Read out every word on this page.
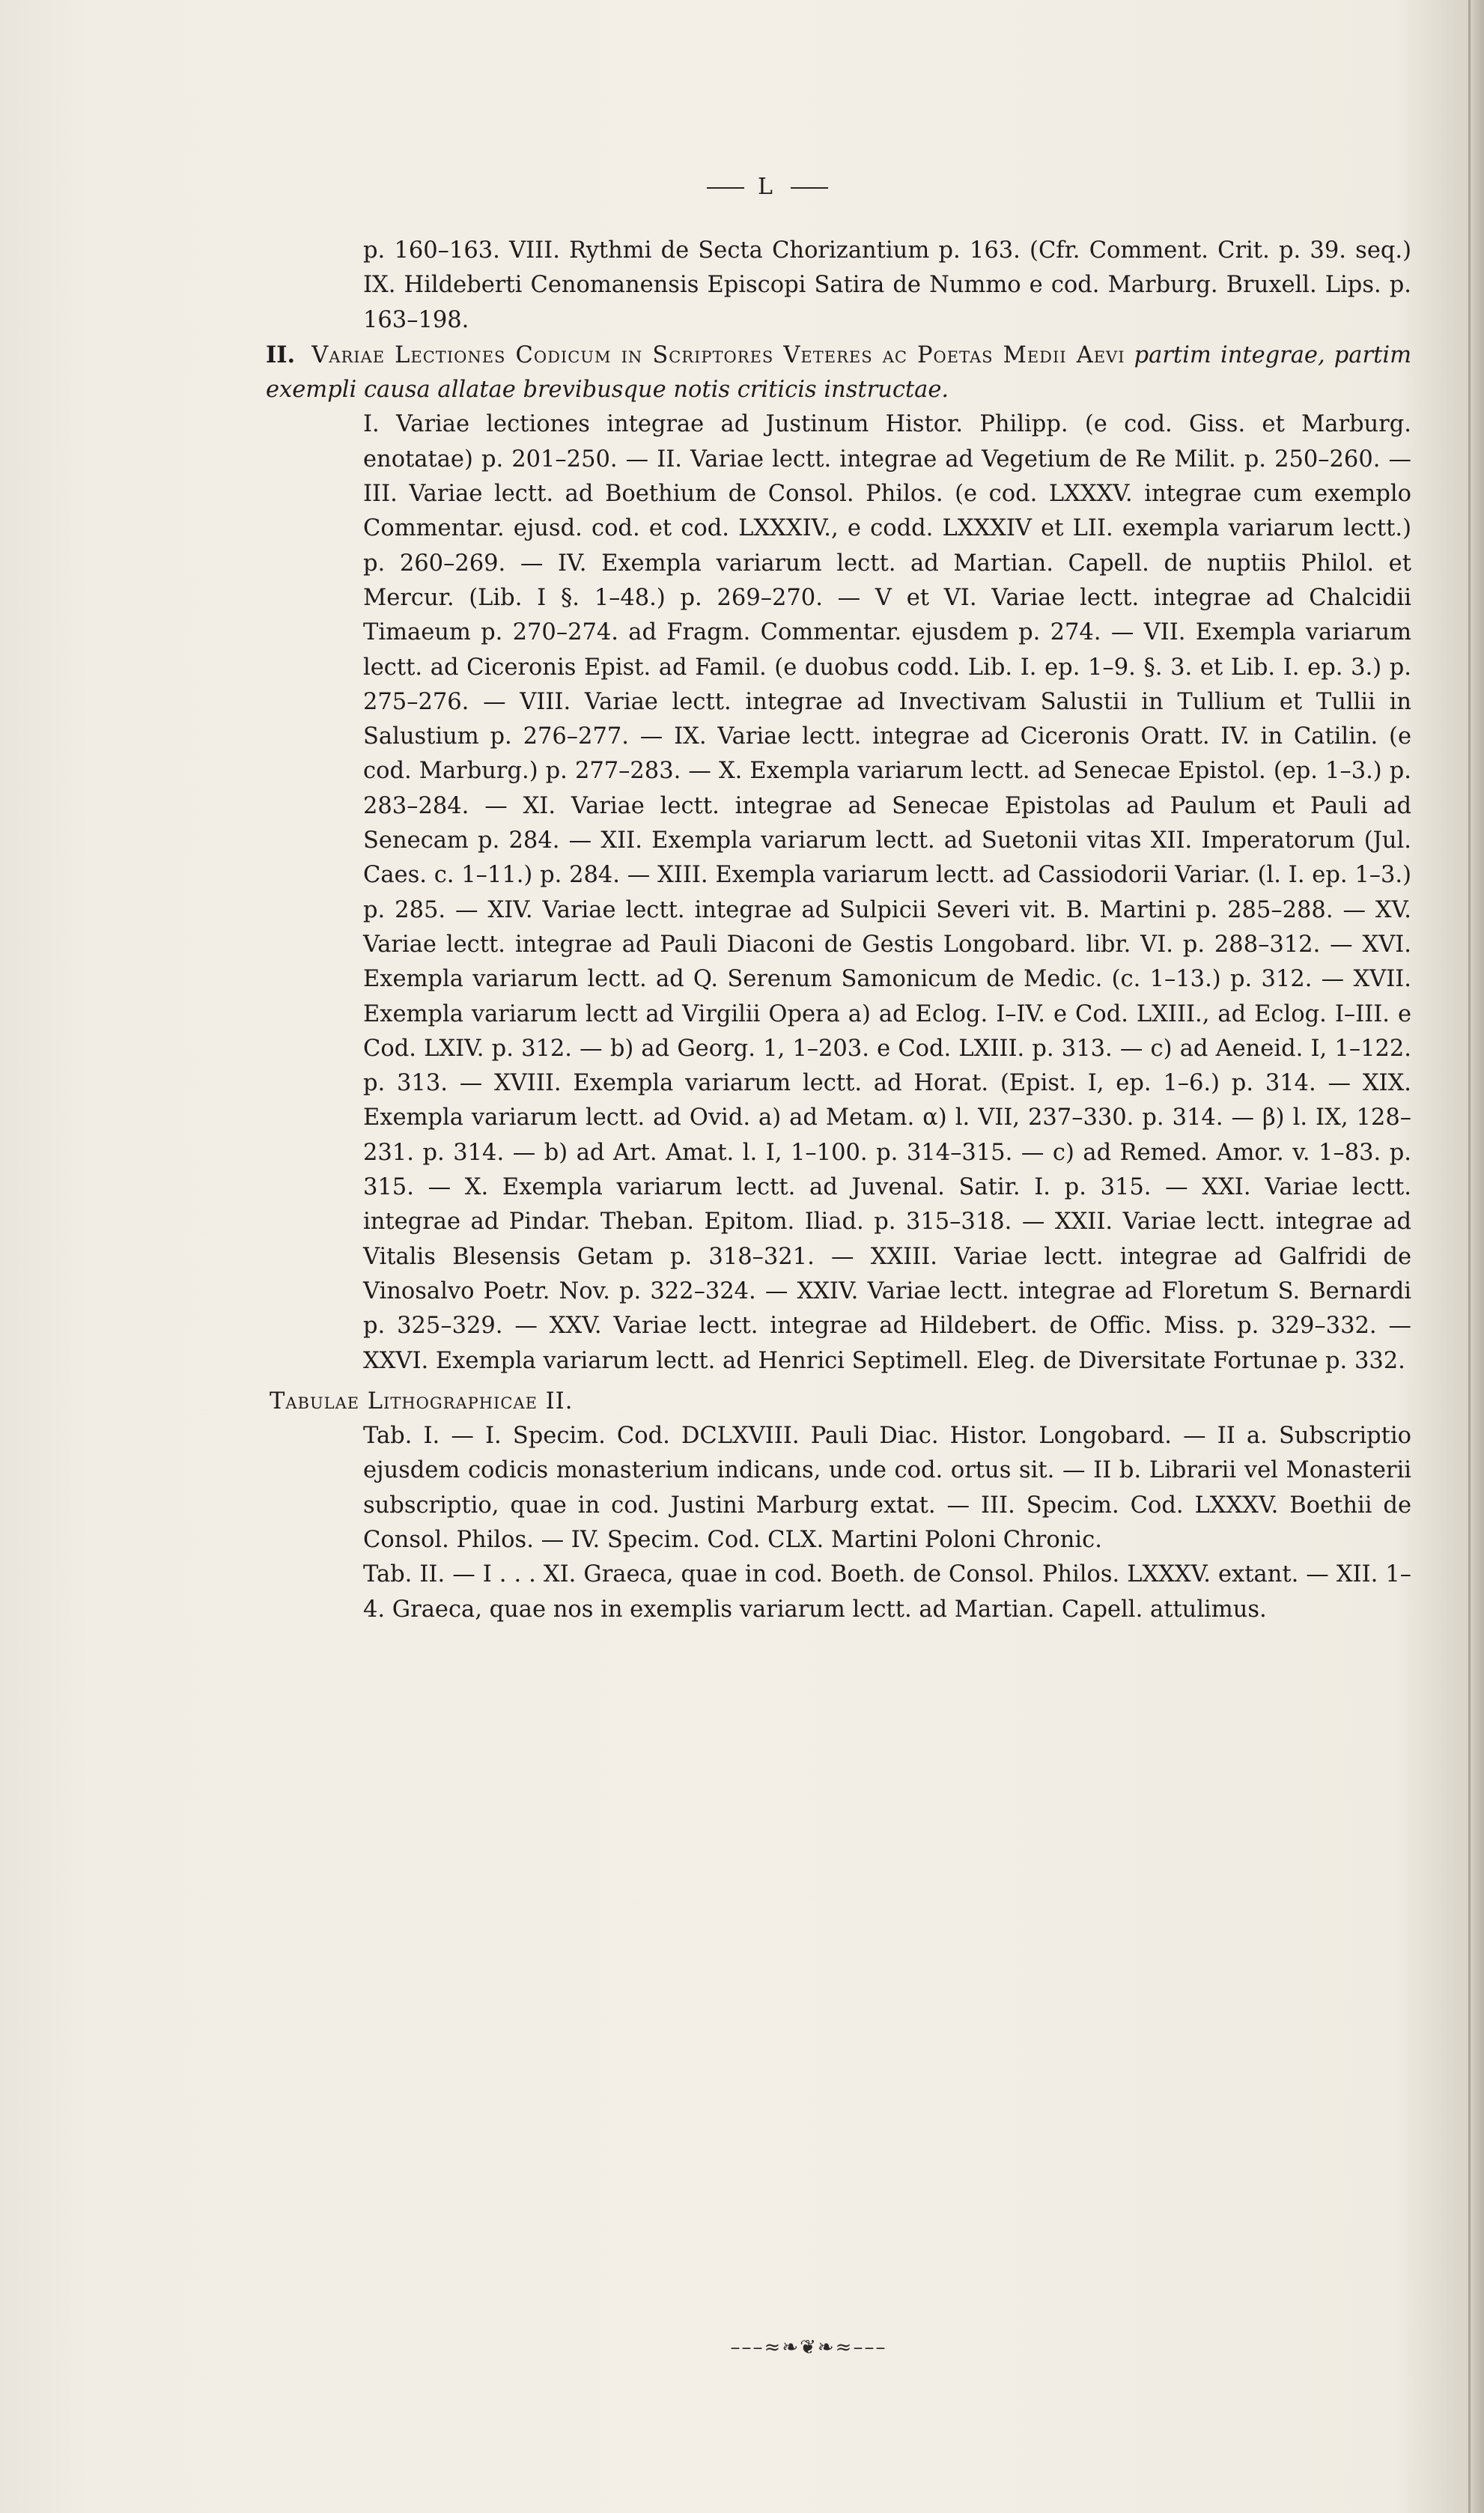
L

p. 160–163. VIII. Rythmi de Secta Chorizantium p. 163. (Cfr. Comment. Crit. p. 39. seq.) IX. Hildeberti Cenomanensis Episcopi Satira de Nummo e cod. Marburg. Bruxell. Lips. p. 163–198.

II. Variae Lectiones Codicum in Scriptores Veteres ac Poetas Medii Aevi partim integrae, partim exempli causa allatae brevibusque notis criticis instructae.

I. Variae lectiones integrae ad Justinum Histor. Philipp. (e cod. Giss. et Marburg. enotatae) p. 201–250. — II. Variae lectt. integrae ad Vegetium de Re Milit. p. 250–260. — III. Variae lectt. ad Boethium de Consol. Philos. (e cod. LXXXV. integrae cum exemplo Commentar. ejusd. cod. et cod. LXXXIV., e codd. LXXXIV et LII. exempla variarum lectt.) p. 260–269. — IV. Exempla variarum lectt. ad Martian. Capell. de nuptiis Philol. et Mercur. (Lib. I §. 1–48.) p. 269–270. — V et VI. Variae lectt. integrae ad Chalcidii Timaeum p. 270–274. ad Fragm. Commentar. ejusdem p. 274. — VII. Exempla variarum lectt. ad Ciceronis Epist. ad Famil. (e duobus codd. Lib. I. ep. 1–9. §. 3. et Lib. I. ep. 3.) p. 275–276. — VIII. Variae lectt. integrae ad Invectivam Salustii in Tullium et Tullii in Salustium p. 276–277. — IX. Variae lectt. integrae ad Ciceronis Oratt. IV. in Catilin. (e cod. Marburg.) p. 277–283. — X. Exempla variarum lectt. ad Senecae Epistol. (ep. 1–3.) p. 283–284. — XI. Variae lectt. integrae ad Senecae Epistolas ad Paulum et Pauli ad Senecam p. 284. — XII. Exempla variarum lectt. ad Suetonii vitas XII. Imperatorum (Jul. Caes. c. 1–11.) p. 284. — XIII. Exempla variarum lectt. ad Cassiodorii Variar. (l. I. ep. 1–3.) p. 285. — XIV. Variae lectt. integrae ad Sulpicii Severi vit. B. Martini p. 285–288. — XV. Variae lectt. integrae ad Pauli Diaconi de Gestis Longobard. libr. VI. p. 288–312. — XVI. Exempla variarum lectt. ad Q. Serenum Samonicum de Medic. (c. 1–13.) p. 312. — XVII. Exempla variarum lectt ad Virgilii Opera a) ad Eclog. I–IV. e Cod. LXIII., ad Eclog. I–III. e Cod. LXIV. p. 312. — b) ad Georg. 1, 1–203. e Cod. LXIII. p. 313. — c) ad Aeneid. I, 1–122. p. 313. — XVIII. Exempla variarum lectt. ad Horat. (Epist. I, ep. 1–6.) p. 314. — XIX. Exempla variarum lectt. ad Ovid. a) ad Metam. α) l. VII, 237–330. p. 314. — β) l. IX, 128–231. p. 314. — b) ad Art. Amat. l. I, 1–100. p. 314–315. — c) ad Remed. Amor. v. 1–83. p. 315. — X. Exempla variarum lectt. ad Juvenal. Satir. I. p. 315. — XXI. Variae lectt. integrae ad Pindar. Theban. Epitom. Iliad. p. 315–318. — XXII. Variae lectt. integrae ad Vitalis Blesensis Getam p. 318–321. — XXIII. Variae lectt. integrae ad Galfridi de Vinosalvo Poetr. Nov. p. 322–324. — XXIV. Variae lectt. integrae ad Floretum S. Bernardi p. 325–329. — XXV. Variae lectt. integrae ad Hildebert. de Offic. Miss. p. 329–332. — XXVI. Exempla variarum lectt. ad Henrici Septimell. Eleg. de Diversitate Fortunae p. 332.

Tabulae Lithographicae II.

Tab. I. — I. Specim. Cod. DCLXVIII. Pauli Diac. Histor. Longobard. — II a. Subscriptio ejusdem codicis monasterium indicans, unde cod. ortus sit. — II b. Librarii vel Monasterii subscriptio, quae in cod. Justini Marburg extat. — III. Specim. Cod. LXXXV. Boethii de Consol. Philos. — IV. Specim. Cod. CLX. Martini Poloni Chronic.

Tab. II. — I . . . XI. Graeca, quae in cod. Boeth. de Consol. Philos. LXXXV. extant. — XII. 1–4. Graeca, quae nos in exemplis variarum lectt. ad Martian. Capell. attulimus.

–––≈❧❦❧≈–––
